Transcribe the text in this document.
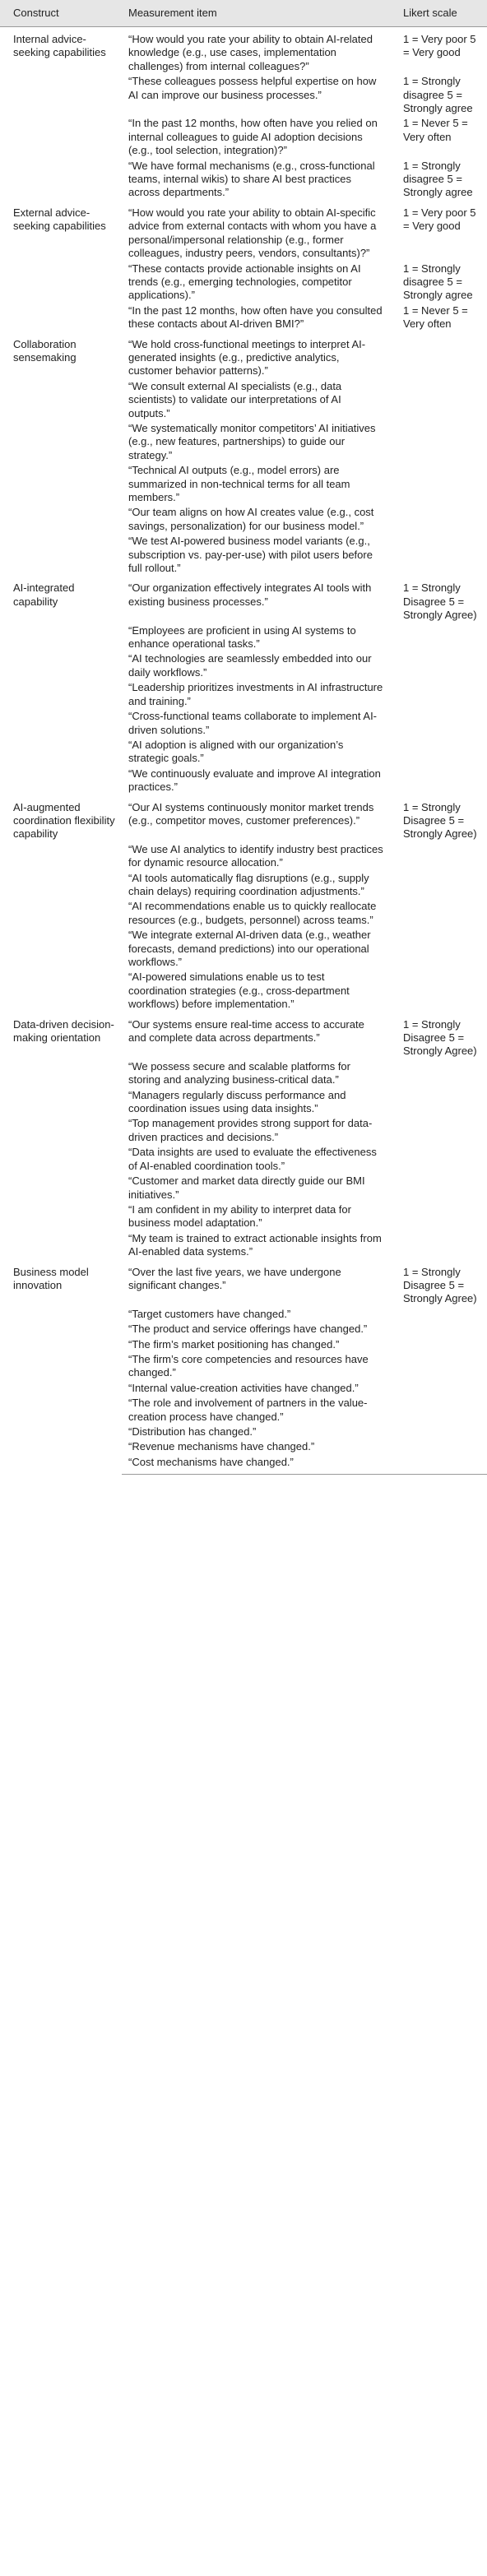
Construct	Measurement item	Likert scale
Internal advice-seeking capabilities	“How would you rate your ability to obtain AI-related knowledge (e.g., use cases, implementation challenges) from internal colleagues?”	1 = Very poor 5 = Very good
	“These colleagues possess helpful expertise on how AI can improve our business processes.”	1 = Strongly disagree 5 = Strongly agree
	“In the past 12 months, how often have you relied on internal colleagues to guide AI adoption decisions (e.g., tool selection, integration)?”	1 = Never 5 = Very often
	“We have formal mechanisms (e.g., cross-functional teams, internal wikis) to share AI best practices across departments.”	1 = Strongly disagree 5 = Strongly agree
External advice-seeking capabilities	“How would you rate your ability to obtain AI-specific advice from external contacts with whom you have a personal/impersonal relationship (e.g., former colleagues, industry peers, vendors, consultants)?”	1 = Very poor 5 = Very good
	“These contacts provide actionable insights on AI trends (e.g., emerging technologies, competitor applications).”	1 = Strongly disagree 5 = Strongly agree
	“In the past 12 months, how often have you consulted these contacts about AI-driven BMI?”	1 = Never 5 = Very often
Collaboration sensemaking	“We hold cross-functional meetings to interpret AI-generated insights (e.g., predictive analytics, customer behavior patterns).”	
	“We consult external AI specialists (e.g., data scientists) to validate our interpretations of AI outputs.”	
	“We systematically monitor competitors’ AI initiatives (e.g., new features, partnerships) to guide our strategy.”	
	“Technical AI outputs (e.g., model errors) are summarized in non-technical terms for all team members.”	
	“Our team aligns on how AI creates value (e.g., cost savings, personalization) for our business model.”	
	“We test AI-powered business model variants (e.g., subscription vs. pay-per-use) with pilot users before full rollout.”	
AI-integrated capability	“Our organization effectively integrates AI tools with existing business processes.”	1 = Strongly Disagree 5 = Strongly Agree)
	“Employees are proficient in using AI systems to enhance operational tasks.”	
	“AI technologies are seamlessly embedded into our daily workflows.”	
	“Leadership prioritizes investments in AI infrastructure and training.”	
	“Cross-functional teams collaborate to implement AI-driven solutions.”	
	“AI adoption is aligned with our organization’s strategic goals.”	
	“We continuously evaluate and improve AI integration practices.”	
AI-augmented coordination flexibility capability	“Our AI systems continuously monitor market trends (e.g., competitor moves, customer preferences).”	1 = Strongly Disagree 5 = Strongly Agree)
	“We use AI analytics to identify industry best practices for dynamic resource allocation.”	
	“AI tools automatically flag disruptions (e.g., supply chain delays) requiring coordination adjustments.”	
	“AI recommendations enable us to quickly reallocate resources (e.g., budgets, personnel) across teams.”	
	“We integrate external AI-driven data (e.g., weather forecasts, demand predictions) into our operational workflows.”	
	“AI-powered simulations enable us to test coordination strategies (e.g., cross-department workflows) before implementation.”	
Data-driven decision-making orientation	“Our systems ensure real-time access to accurate and complete data across departments.”	1 = Strongly Disagree 5 = Strongly Agree)
	“We possess secure and scalable platforms for storing and analyzing business-critical data.”	
	“Managers regularly discuss performance and coordination issues using data insights.”	
	“Top management provides strong support for data-driven practices and decisions.”	
	“Data insights are used to evaluate the effectiveness of AI-enabled coordination tools.”	
	“Customer and market data directly guide our BMI initiatives.”	
	“I am confident in my ability to interpret data for business model adaptation.”	
	“My team is trained to extract actionable insights from AI-enabled data systems.”	
Business model innovation	“Over the last five years, we have undergone significant changes.”	1 = Strongly Disagree 5 = Strongly Agree)
	“Target customers have changed.”	
	“The product and service offerings have changed.”	
	“The firm’s market positioning has changed.”	
	“The firm’s core competencies and resources have changed.”	
	“Internal value-creation activities have changed.”	
	“The role and involvement of partners in the value-creation process have changed.”	
	“Distribution has changed.”	
	“Revenue mechanisms have changed.”	
	“Cost mechanisms have changed.”	
